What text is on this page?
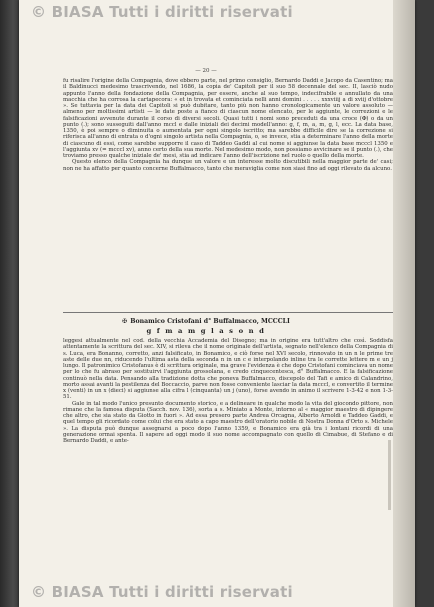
© BIASA Tutti i diritti riservati
— 20 —

fu risalire l'origine della Compagnia, dove ebbero parte, nel primo consiglio, Bernardo Daddi e Jacopo da Casentino; ma il Baldinucci medesimo trascrivendo, nel 1686, la copia de' Capitoli per il suo 58 decennale del sec. II, lasciò nudo appunto l'anno della fondazione della Compagnia, per essere, anche al suo tempo, indecifrabile e annullato da una macchia che ha corrosa la cartapecora: « et in trovata et cominciata nelli anni domini . . . . . xxxviiij a di xviij d'ottobre ». Se tuttavia per la data dei Capitoli si può dubitare, tanto più non hanno cronologicamente un valore assoluto — almeno per moltissimi artisti — le date poste a fianco di ciascun nome elencato, per le aggiunte, le correzioni e le falsificazioni avvenute durante il corso di diversi secoli. Quasi tutti i nomi sono preceduti da una croce (✠) o da un punto (.); sono susseguiti dall'anno mccl e dalle iniziali dei decimi modell'anno: g, f, m, a, m, g, l, ecc. La data base, 1350, è poi sempre o diminuita o aumentata per ogni singolo iscritto; ma sarebbe difficile dire se la correzione si riferisca all'anno di entrata o d'ogni singolo artista nella Compagnia, o, se invece, stia a determinare l'anno della morte di ciascuno di essi, come sarebbe supporre il caso di Taddeo Gaddi al cui nome si aggiunse la data base mcccl 1350 e l'aggiunta xv (= mcccl xv), anno certo della sua morte. Nel medesimo modo, non possiamo avvicinare se il punto (.), che troviamo presso qualche iniziale de' mesi, stia ad indicare l'anno dell'iscrizione nel ruolo o quello della morte.

Questo elenco della Compagnia ha dunque un valore e un interesse molto discutibili nella maggior parte de' casi; non ne ha affatto per quanto concerne Buffalmacco, tanto che meraviglia come non siasi fino ad oggi rilevato da alcuno.

✠ Bonamico Cristofani d° Buffalmacco, MCCCLI
g f m a m g l a s o n d

leggesi attualmente nel cod. della vecchia Accademia del Disegno; ma in origine era tutt'altro che così. Soddisfa attentamente la scrittura del sec. XIV, si rileva che il nome originale dell'artista, segnato nell'elenco della Compagnia di s. Luca, era Bonanno, corretto, anzi falsificato, in Bonamico, e ciò forse nel XVI secolo, rinnovato in un n le prime tre aste delle due nn, riducendo l'ultima asta della seconda n in un c e interpolando inline tra le corrette lettere m e un j lungo. Il patronimico Cristofanus è di scrittura originale, ma grave l'evidenza è che dopo Cristofani cominciava un nome per lo che fu abraso per sostituirvi l'aggiunta grossolana, e credo cinquecentesca, d° Buffalmacco. E la falsificazione continuò nella data. Pensando alla tradizione dotta che poneva Buffalmacco, discepolo del Tafi e amico di Calandrino, morto assai avanti la pestilenza del Boccaccio, parve non fosse conveniente lasciar la data mcccl, e convertito il termine x (venti) in un x (dieci) si aggiunse alla cifra l (cinquanta) un j (uno), forse avendo in animo il scrivere 1-3-42 e non 1-3-51.

Gale in tal modo l'unico presunto documento storico, e a delineare in qualche modo la vita del giocondo pittore, non rimane che la famosa disputa (Sacch. nov. 136), sorta a s. Miniato a Monte, intorno al « maggior maestro di dipingere che altro, che sia stato da Giotto in fuori ». Ad essa presero parte Andrea Orcagna, Alberto Arnoldi e Taddeo Gaddi, e quel tempo gli ricordato come colui che era stato a capo maestro dell'oratorio nobile di Nostra Donna d'Orto s. Michele ». La disputa può dunque assegnarsi a poco dopo l'anno 1359, e Bonamico era già tra i lontani ricordi di una generazione ormai spenta. Il sapere ad oggi modo il suo nome accompagnato con quello di Cimabue, di Stefano e di Bernardo Daddi, e ante-

© BIASA Tutti i diritti riservati
